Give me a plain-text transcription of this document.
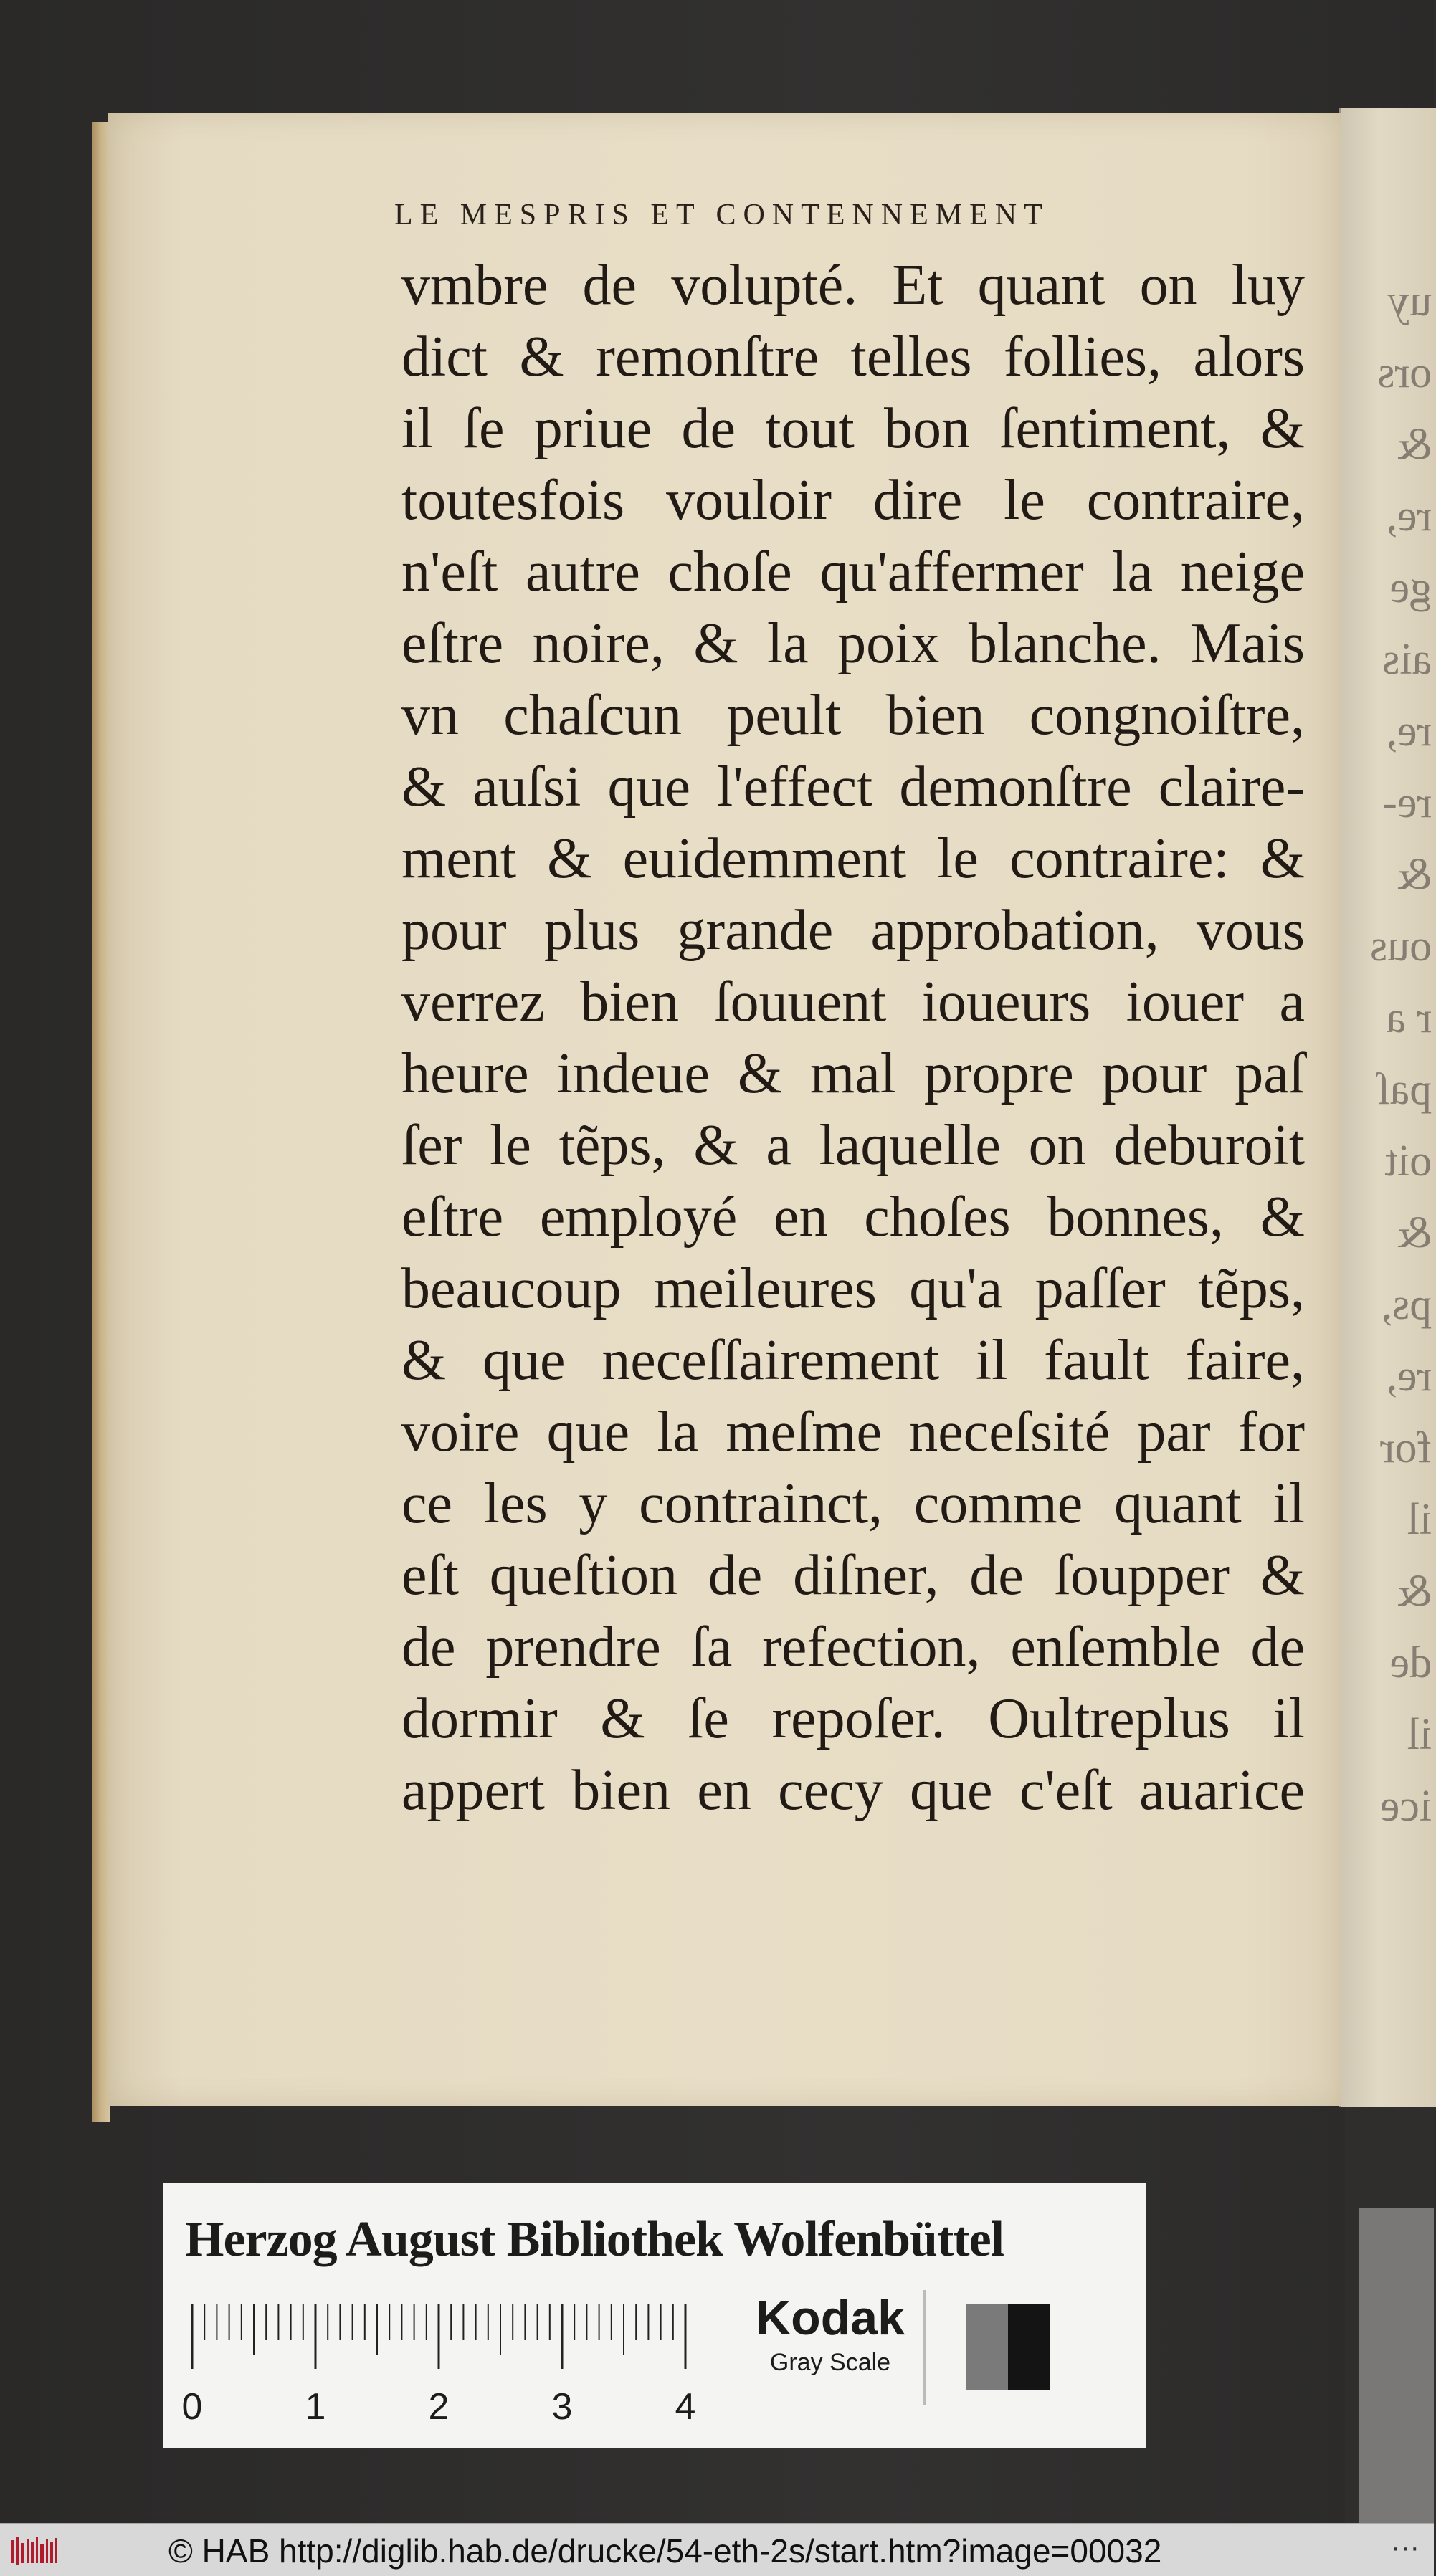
uy
ors
&
re,
ge
ais
re,
re-
&
ous
r a
paſ
oit
&
ps,
re,
for
il
&
de
il
ice
LE MESPRIS ET CONTENNEMENT
vmbre de volupté. Et quant on luy
dict & remonſtre telles follies, alors
il ſe priue de tout bon ſentiment, &
toutesfois vouloir dire le contraire,
n'eſt autre choſe qu'affermer la neige
eſtre noire, & la poix blanche. Mais
vn chaſcun peult bien congnoiſtre,
& auſsi que l'effect demonſtre claire-
ment & euidemment le contraire: &
pour plus grande approbation, vous
verrez bien ſouuent ioueurs iouer a
heure indeue & mal propre pour paſ
ſer le tẽps, & a laquelle on deburoit
eſtre employé en choſes bonnes, &
beaucoup meileures qu'a paſſer tẽps,
& que neceſſairement il fault faire,
voire que la meſme neceſsité par for
ce les y contrainct, comme quant il
eſt queſtion de diſner, de ſoupper &
de prendre ſa refection, enſemble de
dormir & ſe repoſer. Oultreplus il
appert bien en cecy que c'eſt auarice
Herzog August Bibliothek Wolfenbüttel
0	1	2	3	4
Kodak
Gray Scale
© HAB http://diglib.hab.de/drucke/54-eth-2s/start.htm?image=00032	···
